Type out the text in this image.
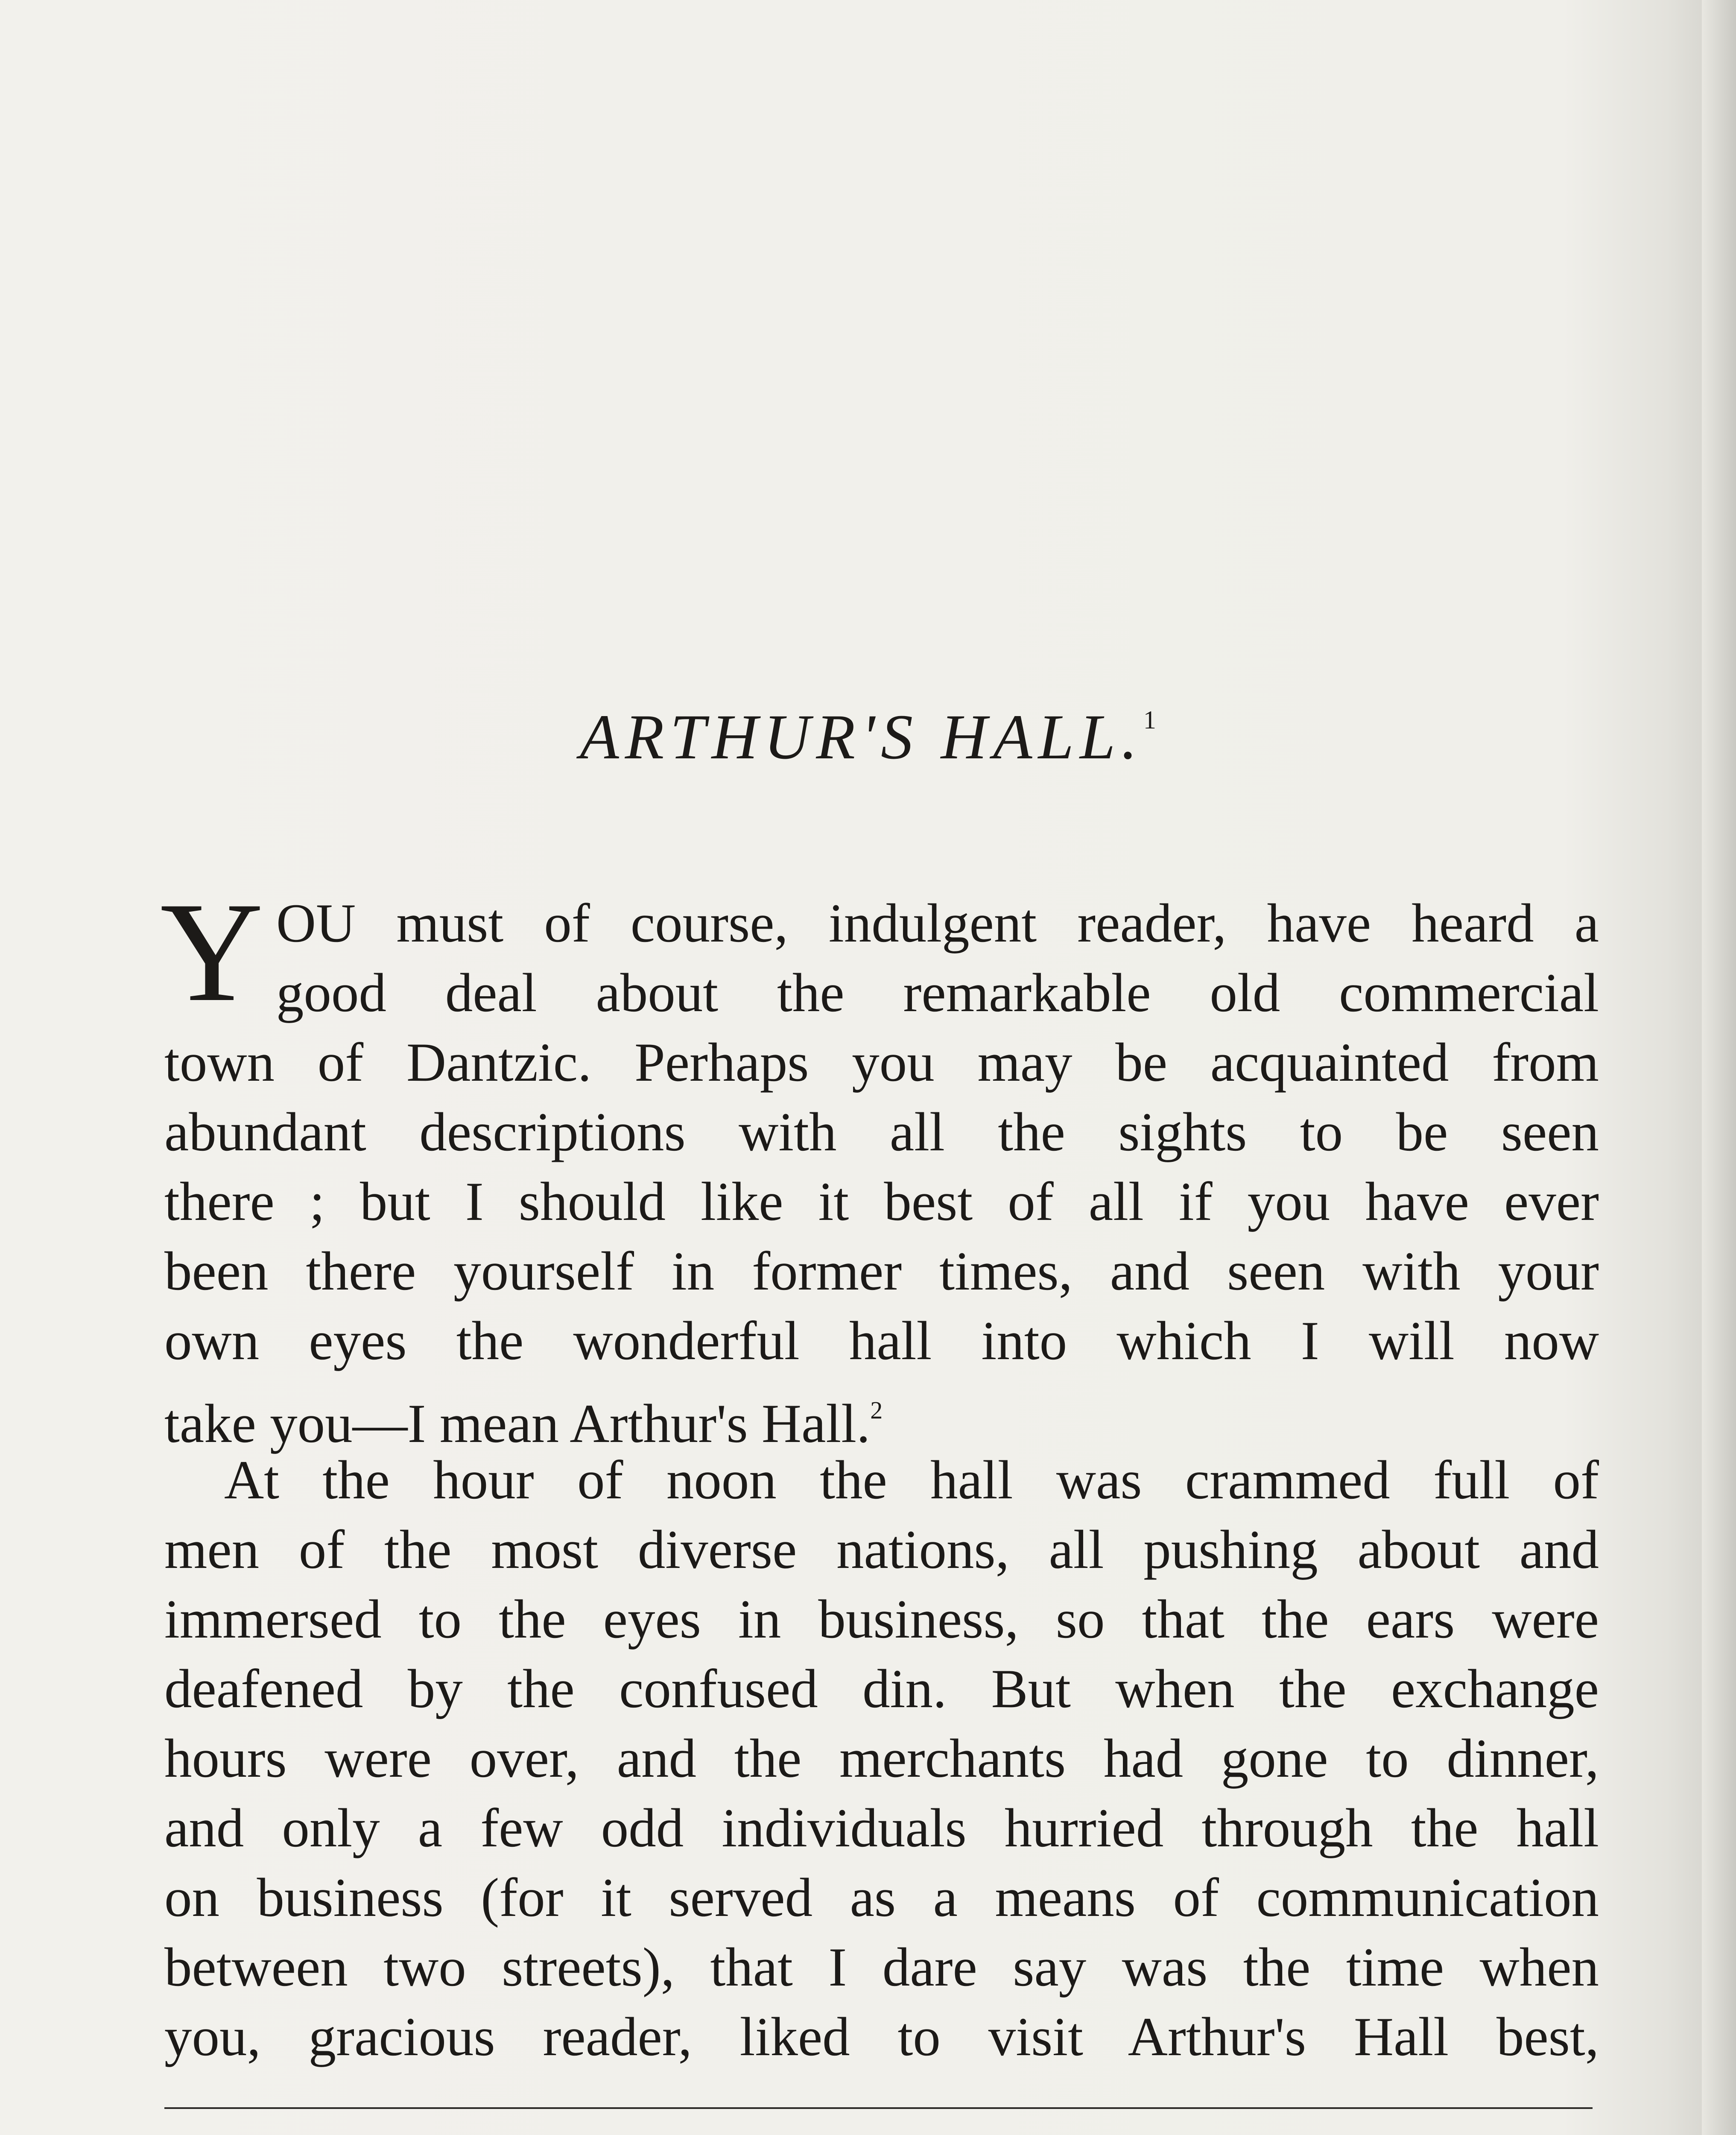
ARTHUR'S HALL.$^1$
Y OU must of course, indulgent reader, have heard a
good deal about the remarkable old commercial
town of Dantzic. Perhaps you may be acquainted from
abundant descriptions with all the sights to be seen
there ; but I should like it best of all if you have ever
been there yourself in former times, and seen with your
own eyes the wonderful hall into which I will now
take you—I mean Arthur's Hall.$^2$
At the hour of noon the hall was crammed full of
men of the most diverse nations, all pushing about and
immersed to the eyes in business, so that the ears were
deafened by the confused din. But when the exchange
hours were over, and the merchants had gone to dinner,
and only a few odd individuals hurried through the hall
on business (for it served as a means of communication
between two streets), that I dare say was the time when
you, gracious reader, liked to visit Arthur's Hall best,
